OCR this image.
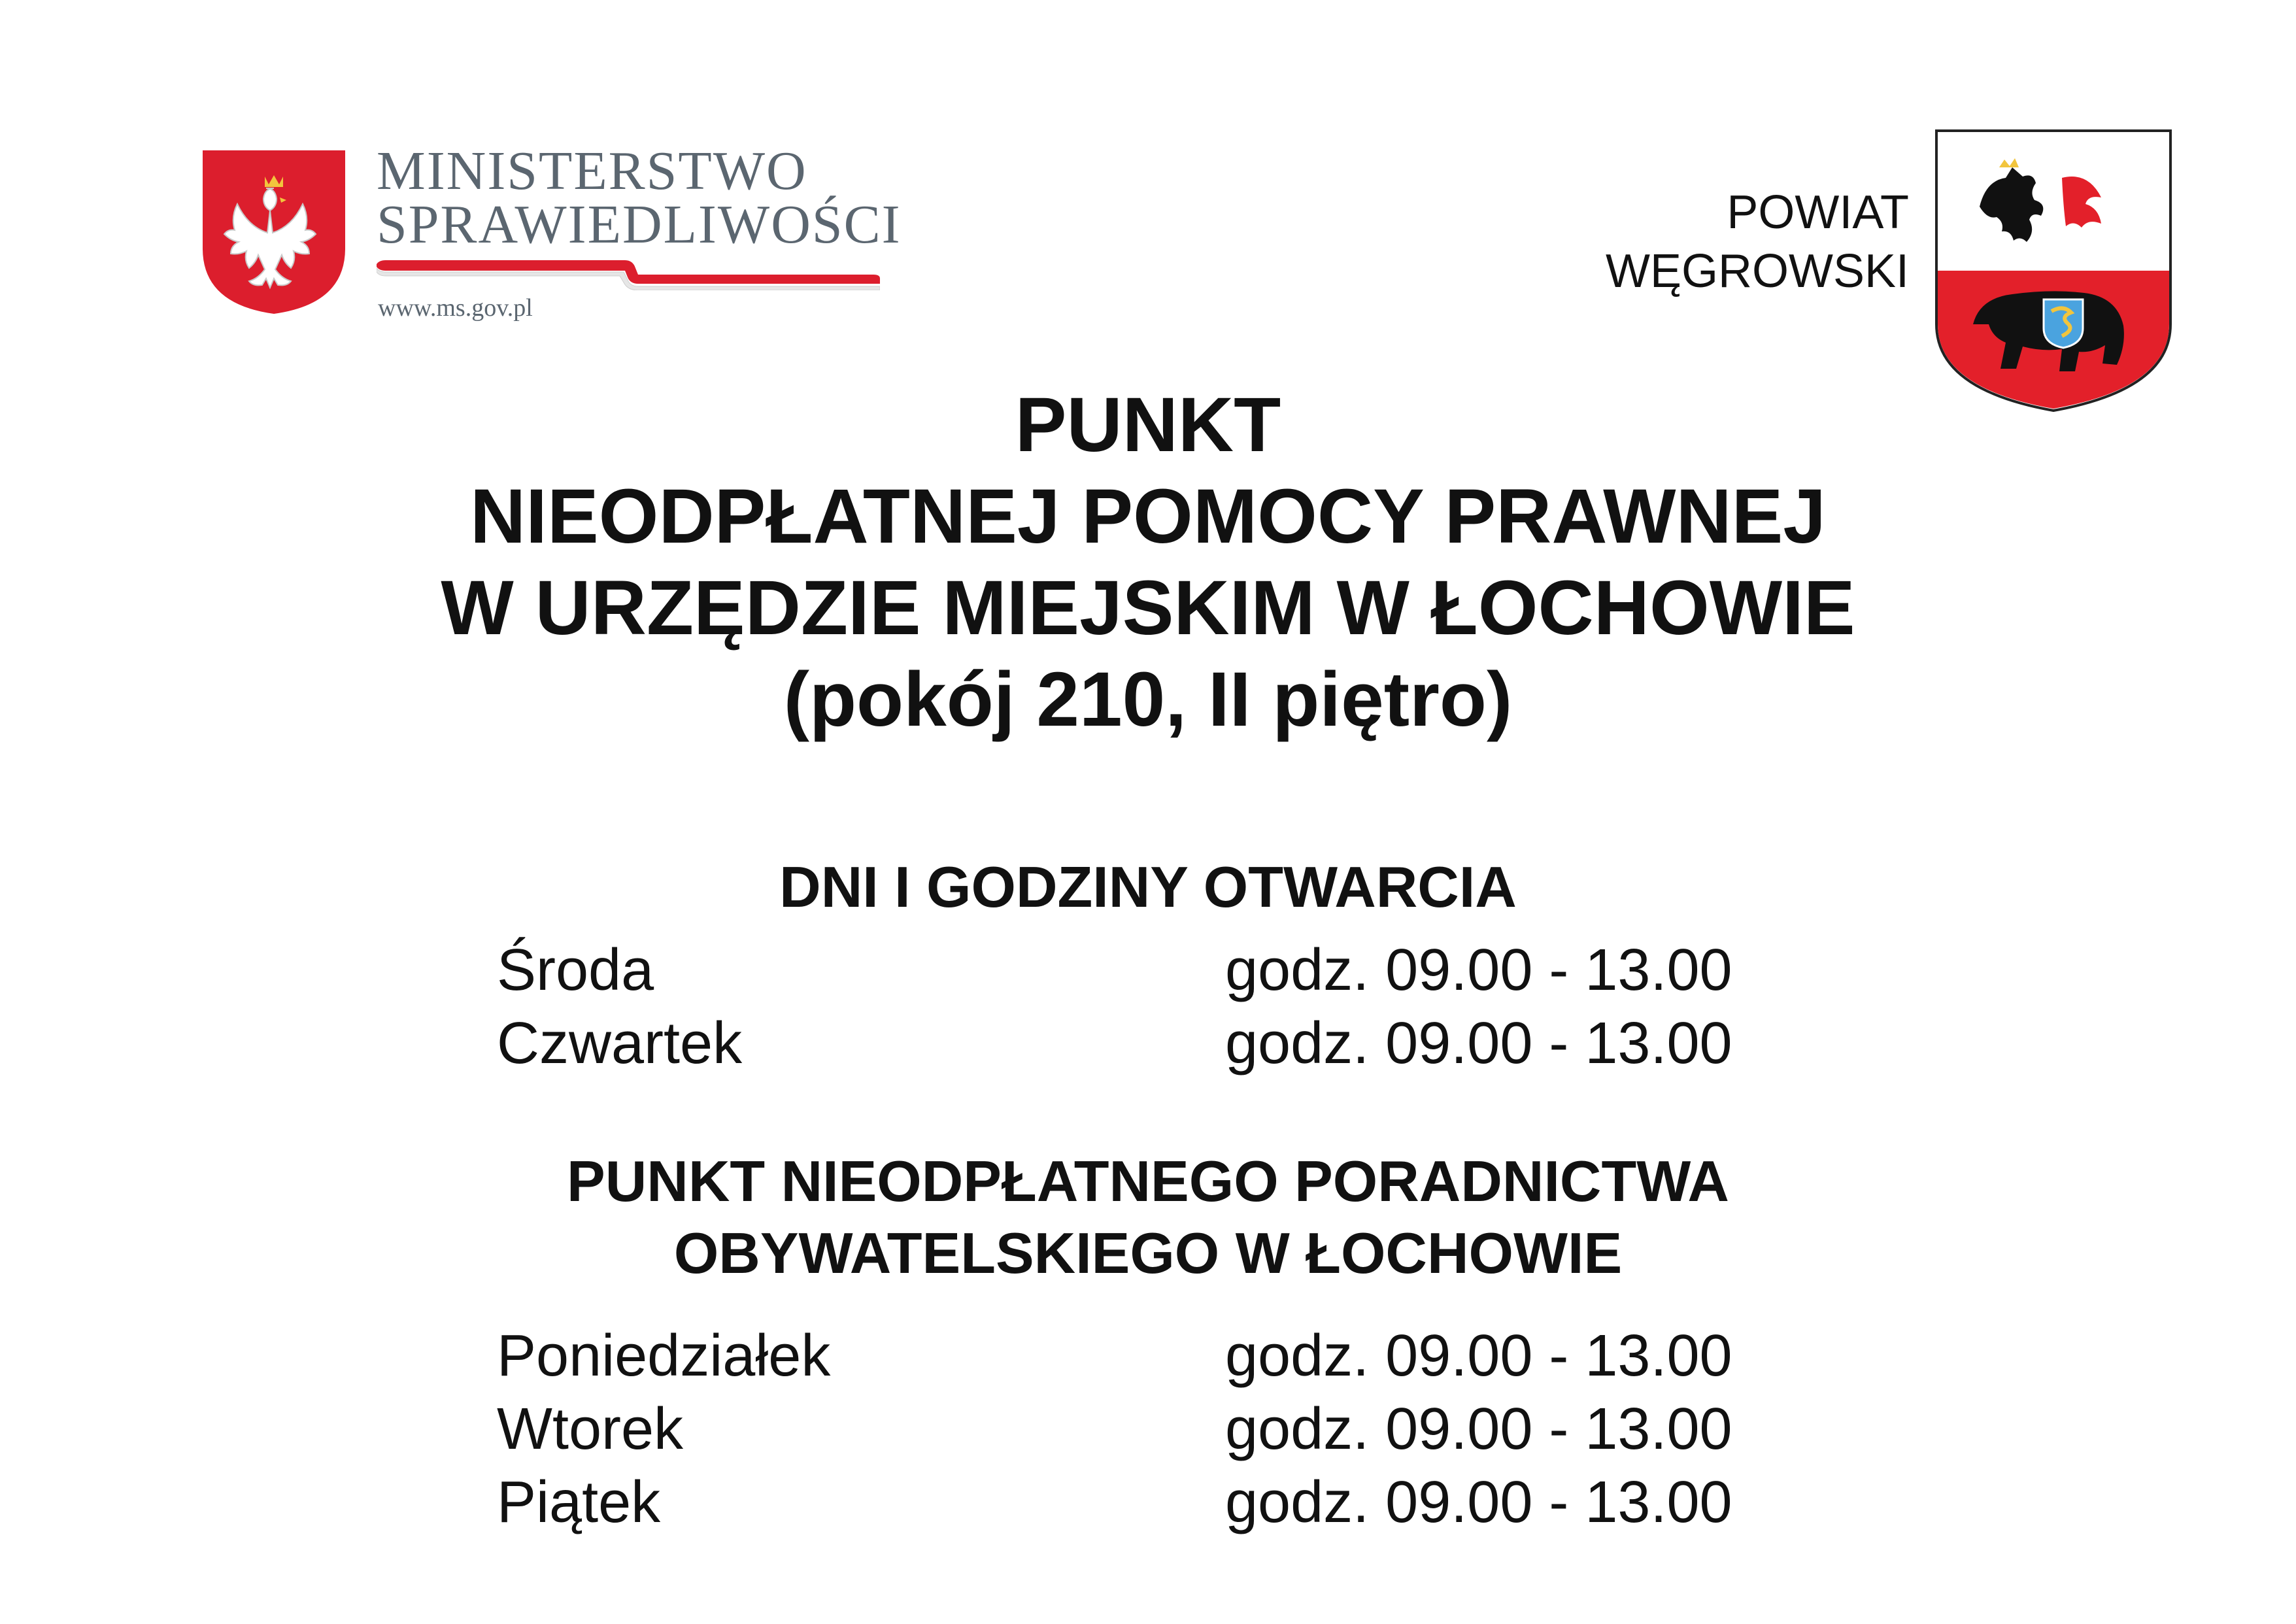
MINISTERSTWO
SPRAWIEDLIWOŚCI
www.ms.gov.pl
POWIAT
WĘGROWSKI
PUNKT
NIEODPŁATNEJ POMOCY PRAWNEJ
W URZĘDZIE MIEJSKIM W ŁOCHOWIE
(pokój 210, II piętro)
DNI I GODZINY OTWARCIA
Środa	godz. 09.00 - 13.00
Czwartek	godz. 09.00 - 13.00
PUNKT NIEODPŁATNEGO PORADNICTWA
OBYWATELSKIEGO W ŁOCHOWIE
Poniedziałek	godz. 09.00 - 13.00
Wtorek	godz. 09.00 - 13.00
Piątek	godz. 09.00 - 13.00
